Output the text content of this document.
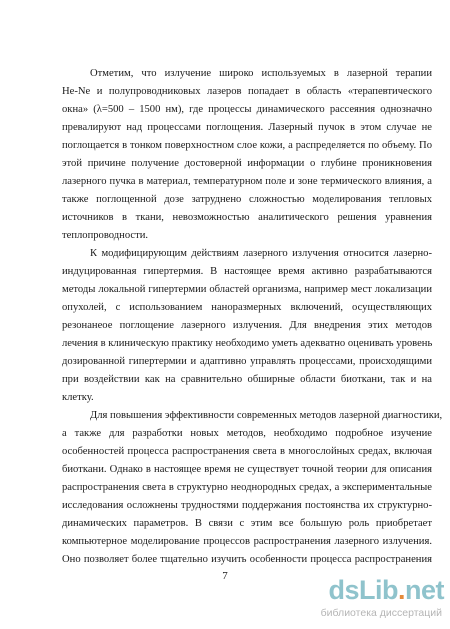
Отметим, что излучение широко используемых в лазерной терапии
He-Ne и полупроводниковых лазеров попадает в область «терапевтического
окна» (λ=500 – 1500 нм), где процессы динамического рассеяния однозначно
превалируют над процессами поглощения. Лазерный пучок в этом случае не
поглощается в тонком поверхностном слое кожи, а распределяется по объему. По
этой причине получение достоверной информации о глубине проникновения
лазерного пучка в материал, температурном поле и зоне термического влияния, а
также поглощенной дозе затруднено сложностью моделирования тепловых
источников в ткани, невозможностью аналитического решения уравнения
теплопроводности.
К модифицирующим действиям лазерного излучения относится лазерно-
индуцированная гипертермия. В настоящее время активно разрабатываются
методы локальной гипертермии областей организма, например мест локализации
опухолей, с использованием наноразмерных включений, осуществляющих
резонанеое поглощение лазерного излучения. Для внедрения этих методов
лечения в клиническую практику необходимо уметь адекватно оценивать уровень
дозированной гипертермии и адаптивно управлять процессами, происходящими
при воздействии как на сравнительно обширные области биоткани, так и на
клетку.
Для повышения эффективности современных методов лазерной диагностики,
а также для разработки новых методов, необходимо подробное изучение
особенностей процесса распространения света в многослойных средах, включая
биоткани. Однако в настоящее время не существует точной теории для описания
распространения света в структурно неоднородных средах, а экспериментальные
исследования осложнены трудностями поддержания постоянства их структурно-
динамических параметров. В связи с этим все большую роль приобретает
компьютерное моделирование процессов распространения лазерного излучения.
Оно позволяет более тщательно изучить особенности процесса распространения
7	dsLib.net
библиотека диссертаций
